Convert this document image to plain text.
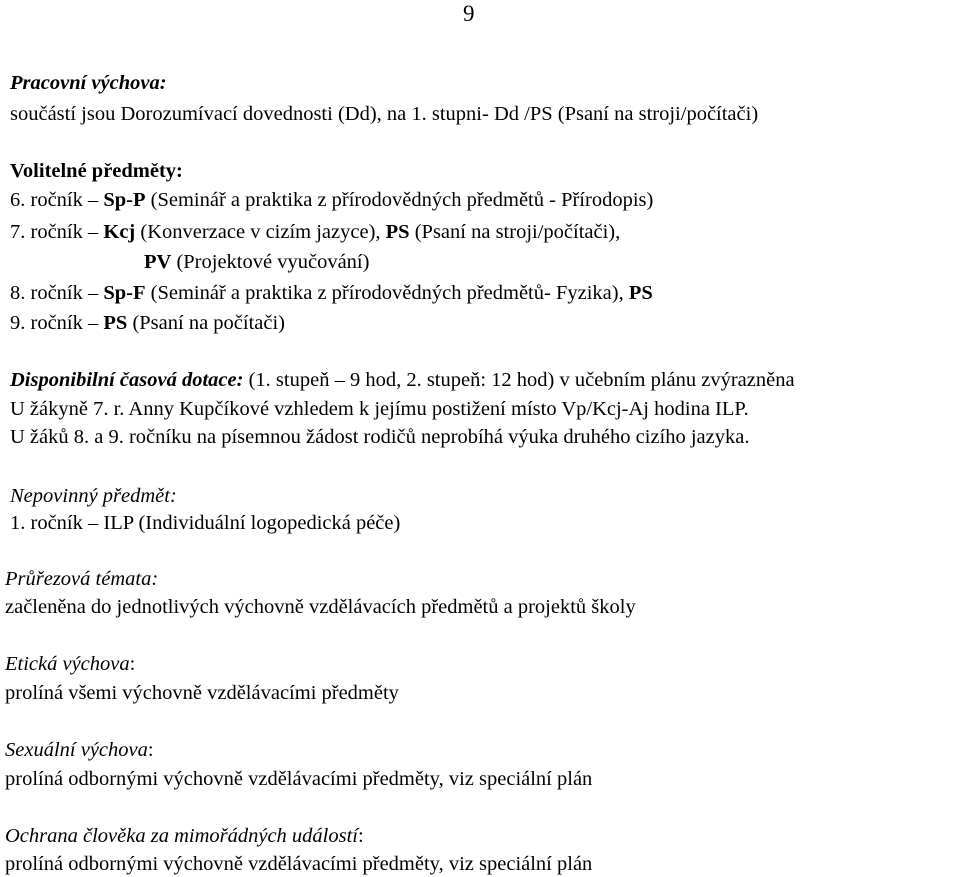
9
Pracovní výchova:
součástí jsou Dorozumívací dovednosti (Dd), na 1. stupni- Dd /PS (Psaní na stroji/počítači)
Volitelné předměty:
6. ročník – Sp-P (Seminář a praktika z přírodovědných předmětů - Přírodopis)
7. ročník – Kcj (Konverzace v cizím jazyce), PS (Psaní na stroji/počítači),
PV (Projektové vyučování)
8. ročník – Sp-F (Seminář a praktika z přírodovědných předmětů- Fyzika), PS
9. ročník – PS (Psaní na počítači)
Disponibilní časová dotace: (1. stupeň – 9 hod, 2. stupeň: 12 hod) v učebním plánu zvýrazněna
U žákyně 7. r. Anny Kupčíkové vzhledem k jejímu postižení místo Vp/Kcj-Aj hodina ILP.
U žáků 8. a 9. ročníku na písemnou žádost rodičů neprobíhá výuka druhého cizího jazyka.
Nepovinný předmět:
1. ročník – ILP (Individuální logopedická péče)
Průřezová témata:
začleněna do jednotlivých výchovně vzdělávacích předmětů a projektů školy
Etická výchova:
prolíná všemi výchovně vzdělávacími předměty
Sexuální výchova:
prolíná odbornými výchovně vzdělávacími předměty, viz speciální plán
Ochrana člověka za mimořádných událostí:
prolíná odbornými výchovně vzdělávacími předměty, viz speciální plán
